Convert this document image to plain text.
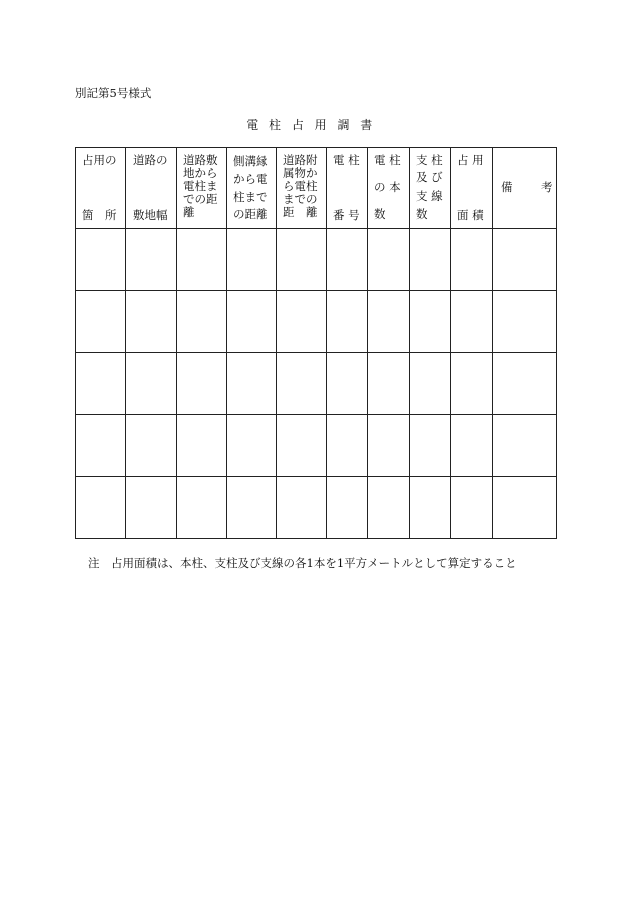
別記第5号様式
電 柱 占 用 調 書
占用の
箇　所
道路の
敷地幅
道路敷
地から
電柱ま
での距
離
側溝縁
から電
柱まで
の距離
道路附
属物か
ら電柱
までの
距　離
電 柱
番 号
電 柱
の 本
数
支 柱
及 び
支 線
数
占 用
面 積
備 考
注　占用面積は、本柱、支柱及び支線の各1本を1平方メートルとして算定すること
